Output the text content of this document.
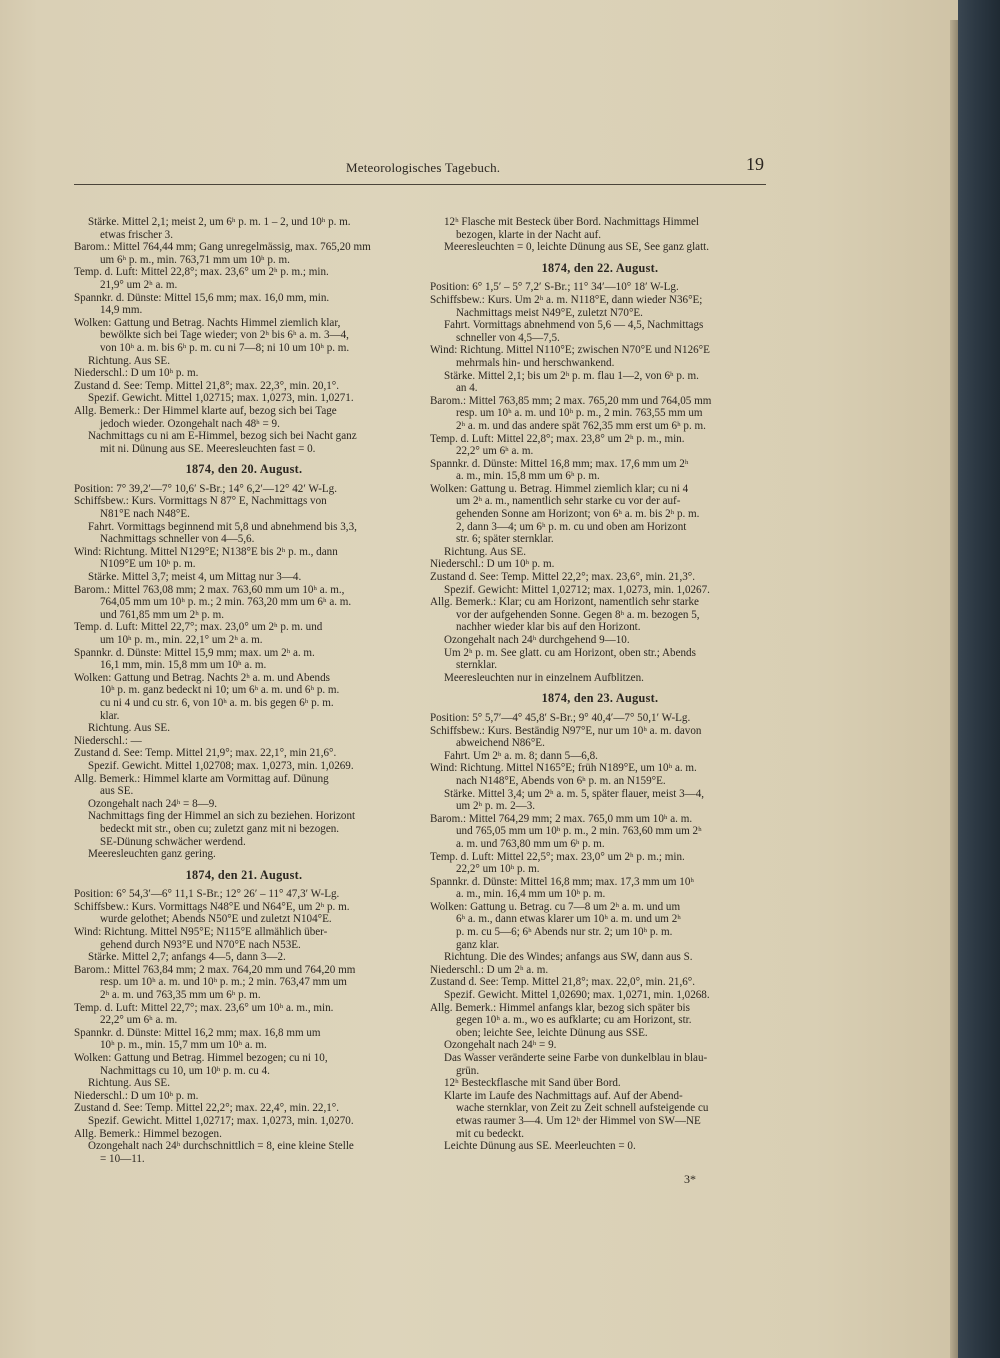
Meteorologisches Tagebuch.	19
Stärke. Mittel 2,1; meist 2, um 6ʰ p. m. 1 – 2, und 10ʰ p. m.
etwas frischer 3.
Barom.: Mittel 764,44 mm; Gang unregelmässig, max. 765,20 mm
um 6ʰ p. m., min. 763,71 mm um 10ʰ p. m.
Temp. d. Luft: Mittel 22,8°; max. 23,6° um 2ʰ p. m.; min.
21,9° um 2ʰ a. m.
Spannkr. d. Dünste: Mittel 15,6 mm; max. 16,0 mm, min.
14,9 mm.
Wolken: Gattung und Betrag. Nachts Himmel ziemlich klar,
bewölkte sich bei Tage wieder; von 2ʰ bis 6ʰ a. m. 3—4,
von 10ʰ a. m. bis 6ʰ p. m. cu ni 7—8; ni 10 um 10ʰ p. m.
Richtung. Aus SE.
Niederschl.: D um 10ʰ p. m.
Zustand d. See: Temp. Mittel 21,8°; max. 22,3°, min. 20,1°.
Spezif. Gewicht. Mittel 1,02715; max. 1,0273, min. 1,0271.
Allg. Bemerk.: Der Himmel klarte auf, bezog sich bei Tage
jedoch wieder. Ozongehalt nach 48ʰ = 9.
Nachmittags cu ni am E-Himmel, bezog sich bei Nacht ganz
mit ni. Dünung aus SE. Meeresleuchten fast = 0.
1874, den 20. August.
Position: 7° 39,2′—7° 10,6′ S-Br.; 14° 6,2′—12° 42′ W-Lg.
Schiffsbew.: Kurs. Vormittags N 87° E, Nachmittags von
N81°E nach N48°E.
Fahrt. Vormittags beginnend mit 5,8 und abnehmend bis 3,3,
Nachmittags schneller von 4—5,6.
Wind: Richtung. Mittel N129°E; N138°E bis 2ʰ p. m., dann
N109°E um 10ʰ p. m.
Stärke. Mittel 3,7; meist 4, um Mittag nur 3—4.
Barom.: Mittel 763,08 mm; 2 max. 763,60 mm um 10ʰ a. m.,
764,05 mm um 10ʰ p. m.; 2 min. 763,20 mm um 6ʰ a. m.
und 761,85 mm um 2ʰ p. m.
Temp. d. Luft: Mittel 22,7°; max. 23,0° um 2ʰ p. m. und
um 10ʰ p. m., min. 22,1° um 2ʰ a. m.
Spannkr. d. Dünste: Mittel 15,9 mm; max. um 2ʰ a. m.
16,1 mm, min. 15,8 mm um 10ʰ a. m.
Wolken: Gattung und Betrag. Nachts 2ʰ a. m. und Abends
10ʰ p. m. ganz bedeckt ni 10; um 6ʰ a. m. und 6ʰ p. m.
cu ni 4 und cu str. 6, von 10ʰ a. m. bis gegen 6ʰ p. m.
klar.
Richtung. Aus SE.
Niederschl.: —
Zustand d. See: Temp. Mittel 21,9°; max. 22,1°, min 21,6°.
Spezif. Gewicht. Mittel 1,02708; max. 1,0273, min. 1,0269.
Allg. Bemerk.: Himmel klarte am Vormittag auf. Dünung
aus SE.
Ozongehalt nach 24ʰ = 8—9.
Nachmittags fing der Himmel an sich zu beziehen. Horizont
bedeckt mit str., oben cu; zuletzt ganz mit ni bezogen.
SE-Dünung schwächer werdend.
Meeresleuchten ganz gering.
1874, den 21. August.
Position: 6° 54,3′—6° 11,1 S-Br.; 12° 26′ – 11° 47,3′ W-Lg.
Schiffsbew.: Kurs. Vormittags N48°E und N64°E, um 2ʰ p. m.
wurde gelothet; Abends N50°E und zuletzt N104°E.
Wind: Richtung. Mittel N95°E; N115°E allmählich über-
gehend durch N93°E und N70°E nach N53E.
Stärke. Mittel 2,7; anfangs 4—5, dann 3—2.
Barom.: Mittel 763,84 mm; 2 max. 764,20 mm und 764,20 mm
resp. um 10ʰ a. m. und 10ʰ p. m.; 2 min. 763,47 mm um
2ʰ a. m. und 763,35 mm um 6ʰ p. m.
Temp. d. Luft: Mittel 22,7°; max. 23,6° um 10ʰ a. m., min.
22,2° um 6ʰ a. m.
Spannkr. d. Dünste: Mittel 16,2 mm; max. 16,8 mm um
10ʰ p. m., min. 15,7 mm um 10ʰ a. m.
Wolken: Gattung und Betrag. Himmel bezogen; cu ni 10,
Nachmittags cu 10, um 10ʰ p. m. cu 4.
Richtung. Aus SE.
Niederschl.: D um 10ʰ p. m.
Zustand d. See: Temp. Mittel 22,2°; max. 22,4°, min. 22,1°.
Spezif. Gewicht. Mittel 1,02717; max. 1,0273, min. 1,0270.
Allg. Bemerk.: Himmel bezogen.
Ozongehalt nach 24ʰ durchschnittlich = 8, eine kleine Stelle
= 10—11.
12ʰ Flasche mit Besteck über Bord. Nachmittags Himmel
bezogen, klarte in der Nacht auf.
Meeresleuchten = 0, leichte Dünung aus SE, See ganz glatt.
1874, den 22. August.
Position: 6° 1,5′ – 5° 7,2′ S-Br.; 11° 34′—10° 18′ W-Lg.
Schiffsbew.: Kurs. Um 2ʰ a. m. N118°E, dann wieder N36°E;
Nachmittags meist N49°E, zuletzt N70°E.
Fahrt. Vormittags abnehmend von 5,6 — 4,5, Nachmittags
schneller von 4,5—7,5.
Wind: Richtung. Mittel N110°E; zwischen N70°E und N126°E
mehrmals hin- und herschwankend.
Stärke. Mittel 2,1; bis um 2ʰ p. m. flau 1—2, von 6ʰ p. m.
an 4.
Barom.: Mittel 763,85 mm; 2 max. 765,20 mm und 764,05 mm
resp. um 10ʰ a. m. und 10ʰ p. m., 2 min. 763,55 mm um
2ʰ a. m. und das andere spät 762,35 mm erst um 6ʰ p. m.
Temp. d. Luft: Mittel 22,8°; max. 23,8° um 2ʰ p. m., min.
22,2° um 6ʰ a. m.
Spannkr. d. Dünste: Mittel 16,8 mm; max. 17,6 mm um 2ʰ
a. m., min. 15,8 mm um 6ʰ p. m.
Wolken: Gattung u. Betrag. Himmel ziemlich klar; cu ni 4
um 2ʰ a. m., namentlich sehr starke cu vor der auf-
gehenden Sonne am Horizont; von 6ʰ a. m. bis 2ʰ p. m.
2, dann 3—4; um 6ʰ p. m. cu und oben am Horizont
str. 6; später sternklar.
Richtung. Aus SE.
Niederschl.: D um 10ʰ p. m.
Zustand d. See: Temp. Mittel 22,2°; max. 23,6°, min. 21,3°.
Spezif. Gewicht: Mittel 1,02712; max. 1,0273, min. 1,0267.
Allg. Bemerk.: Klar; cu am Horizont, namentlich sehr starke
vor der aufgehenden Sonne. Gegen 8ʰ a. m. bezogen 5,
nachher wieder klar bis auf den Horizont.
Ozongehalt nach 24ʰ durchgehend 9—10.
Um 2ʰ p. m. See glatt. cu am Horizont, oben str.; Abends
sternklar.
Meeresleuchten nur in einzelnem Aufblitzen.
1874, den 23. August.
Position: 5° 5,7′—4° 45,8′ S-Br.; 9° 40,4′—7° 50,1′ W-Lg.
Schiffsbew.: Kurs. Beständig N97°E, nur um 10ʰ a. m. davon
abweichend N86°E.
Fahrt. Um 2ʰ a. m. 8; dann 5—6,8.
Wind: Richtung. Mittel N165°E; früh N189°E, um 10ʰ a. m.
nach N148°E, Abends von 6ʰ p. m. an N159°E.
Stärke. Mittel 3,4; um 2ʰ a. m. 5, später flauer, meist 3—4,
um 2ʰ p. m. 2—3.
Barom.: Mittel 764,29 mm; 2 max. 765,0 mm um 10ʰ a. m.
und 765,05 mm um 10ʰ p. m., 2 min. 763,60 mm um 2ʰ
a. m. und 763,80 mm um 6ʰ p. m.
Temp. d. Luft: Mittel 22,5°; max. 23,0° um 2ʰ p. m.; min.
22,2° um 10ʰ p. m.
Spannkr. d. Dünste: Mittel 16,8 mm; max. 17,3 mm um 10ʰ
a. m., min. 16,4 mm um 10ʰ p. m.
Wolken: Gattung u. Betrag. cu 7—8 um 2ʰ a. m. und um
6ʰ a. m., dann etwas klarer um 10ʰ a. m. und um 2ʰ
p. m. cu 5—6; 6ʰ Abends nur str. 2; um 10ʰ p. m.
ganz klar.
Richtung. Die des Windes; anfangs aus SW, dann aus S.
Niederschl.: D um 2ʰ a. m.
Zustand d. See: Temp. Mittel 21,8°; max. 22,0°, min. 21,6°.
Spezif. Gewicht. Mittel 1,02690; max. 1,0271, min. 1,0268.
Allg. Bemerk.: Himmel anfangs klar, bezog sich später bis
gegen 10ʰ a. m., wo es aufklarte; cu am Horizont, str.
oben; leichte See, leichte Dünung aus SSE.
Ozongehalt nach 24ʰ = 9.
Das Wasser veränderte seine Farbe von dunkelblau in blau-
grün.
12ʰ Besteckflasche mit Sand über Bord.
Klarte im Laufe des Nachmittags auf. Auf der Abend-
wache sternklar, von Zeit zu Zeit schnell aufsteigende cu
etwas raumer 3—4. Um 12ʰ der Himmel von SW—NE
mit cu bedeckt.
Leichte Dünung aus SE. Meerleuchten = 0.
3*
